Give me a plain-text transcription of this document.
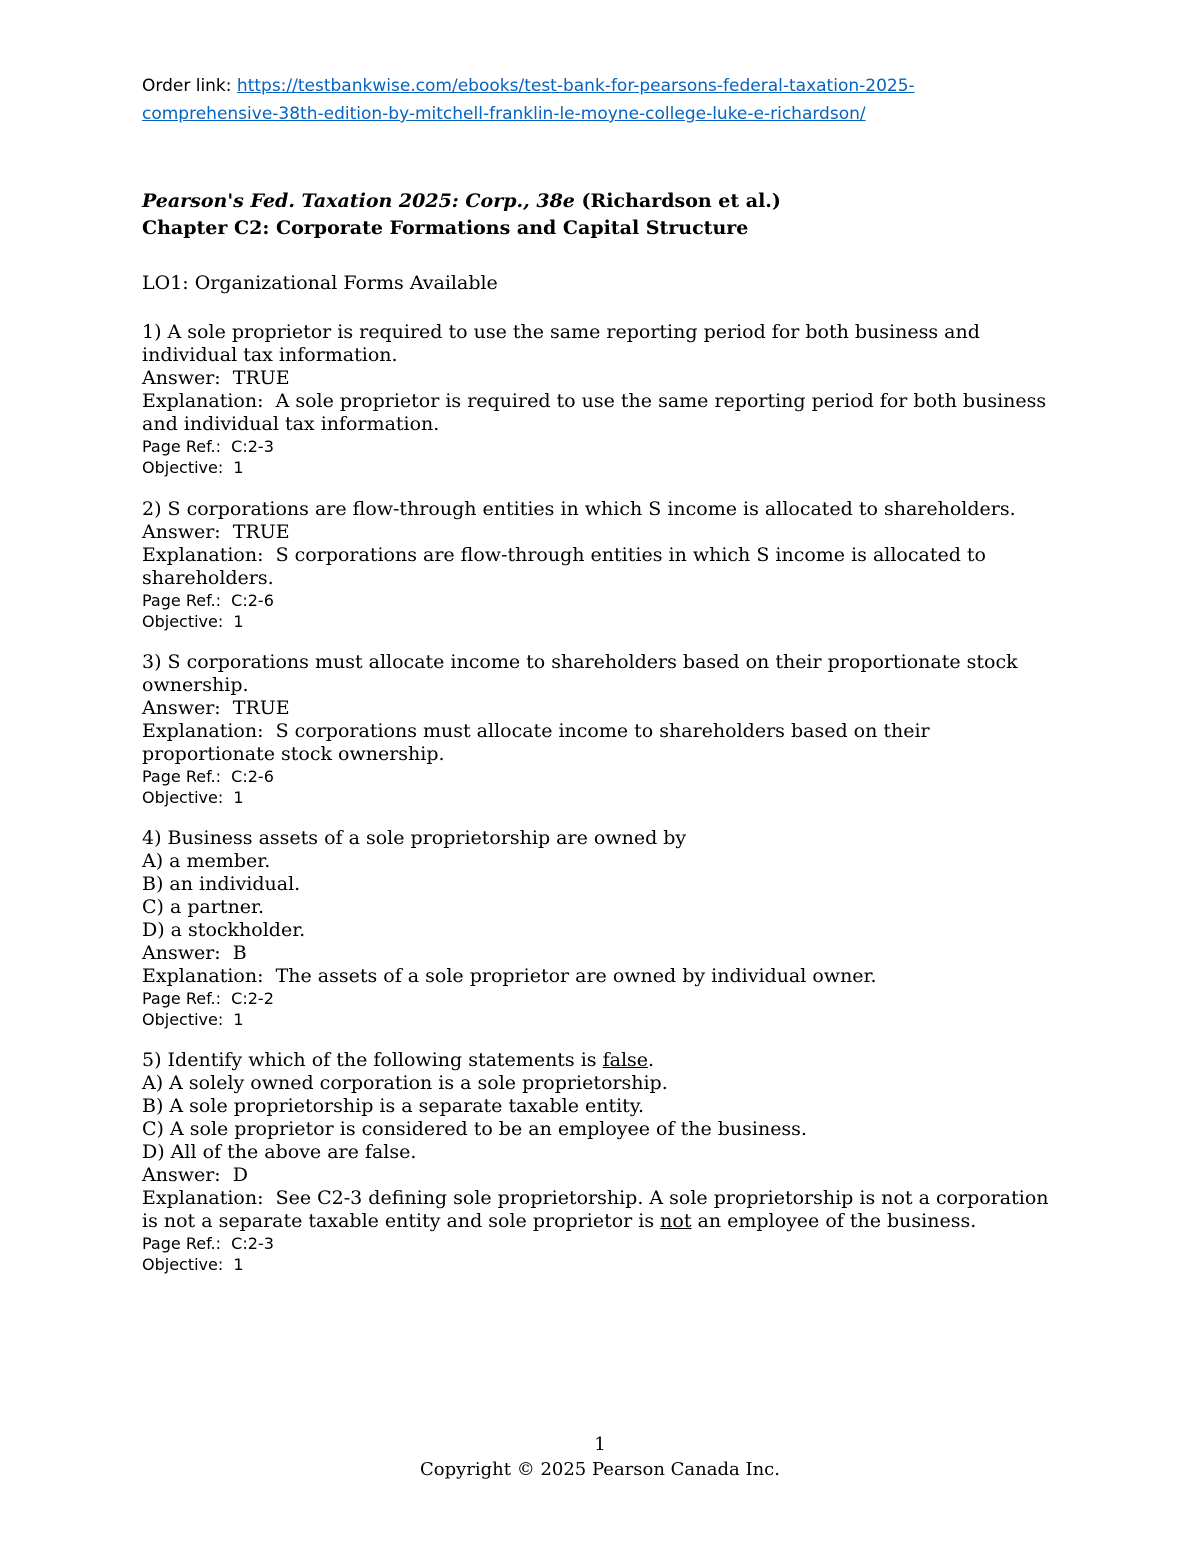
Order link: https://testbankwise.com/ebooks/test-bank-for-pearsons-federal-taxation-2025-
comprehensive-38th-edition-by-mitchell-franklin-le-moyne-college-luke-e-richardson/
Pearson's Fed. Taxation 2025: Corp., 38e (Richardson et al.)
Chapter C2: Corporate Formations and Capital Structure
LO1: Organizational Forms Available
1) A sole proprietor is required to use the same reporting period for both business and individual tax information.
Answer:  TRUE
Explanation:  A sole proprietor is required to use the same reporting period for both business and individual tax information.
Page Ref.:  C:2-3
Objective:  1
2) S corporations are flow-through entities in which S income is allocated to shareholders.
Answer:  TRUE
Explanation:  S corporations are flow-through entities in which S income is allocated to shareholders.
Page Ref.:  C:2-6
Objective:  1
3) S corporations must allocate income to shareholders based on their proportionate stock ownership.
Answer:  TRUE
Explanation:  S corporations must allocate income to shareholders based on their proportionate stock ownership.
Page Ref.:  C:2-6
Objective:  1
4) Business assets of a sole proprietorship are owned by
A) a member.
B) an individual.
C) a partner.
D) a stockholder.
Answer:  B
Explanation:  The assets of a sole proprietor are owned by individual owner.
Page Ref.:  C:2-2
Objective:  1
5) Identify which of the following statements is false.
A) A solely owned corporation is a sole proprietorship.
B) A sole proprietorship is a separate taxable entity.
C) A sole proprietor is considered to be an employee of the business.
D) All of the above are false.
Answer:  D
Explanation:  See C2-3 defining sole proprietorship. A sole proprietorship is not a corporation is not a separate taxable entity and sole proprietor is not an employee of the business.
Page Ref.:  C:2-3
Objective:  1
1
Copyright © 2025 Pearson Canada Inc.
